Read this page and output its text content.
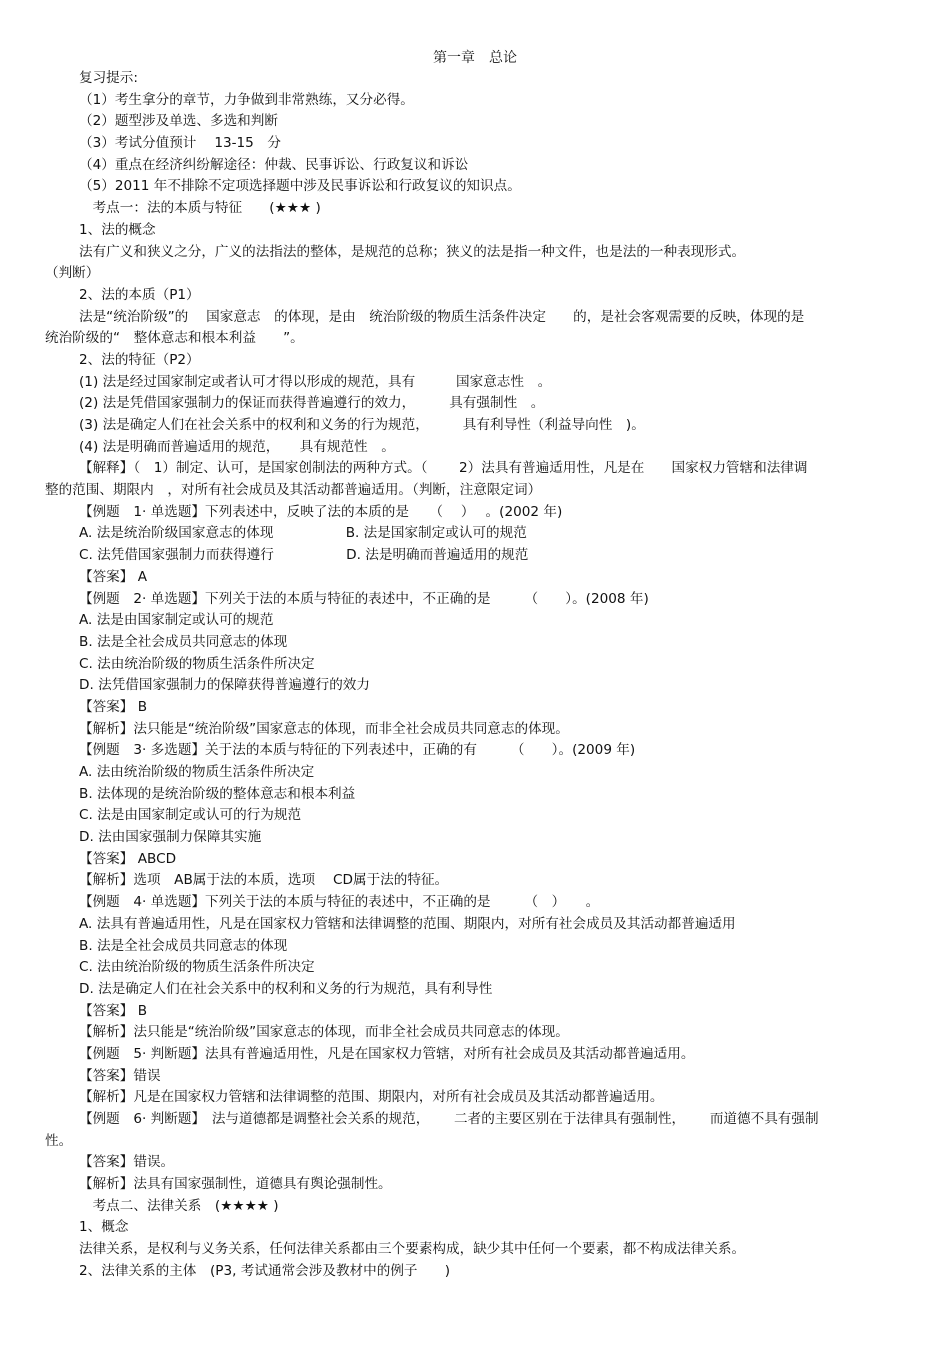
第一章　总论
复习提示:
（1）考生拿分的章节，力争做到非常熟练，又分必得。
（2）题型涉及单选、多选和判断
（3）考试分值预计　 13-15　分
（4）重点在经济纠纷解途径：仲裁、民事诉讼、行政复议和诉讼
（5）2011 年不排除不定项选择题中涉及民事诉讼和行政复议的知识点。
　考点一：法的本质与特征　　(★★★ )
1、法的概念
法有广义和狭义之分，广义的法指法的整体，是规范的总称；狭义的法是指一种文件，也是法的一种表现形式。
（判断）
2、法的本质（P1）
法是“统治阶级”的　 国家意志　的体现，是由　统治阶级的物质生活条件决定　　的，是社会客观需要的反映，体现的是
统治阶级的“　整体意志和根本利益　　”。
2、法的特征（P2）
(1) 法是经过国家制定或者认可才得以形成的规范，具有　　　国家意志性　。
(2) 法是凭借国家强制力的保证而获得普遍遵行的效力，　　　具有强制性　。
(3) 法是确定人们在社会关系中的权利和义务的行为规范，　　　具有利导性（利益导向性　)。
(4) 法是明确而普遍适用的规范，　　具有规范性　。
【解释】（　1）制定、认可，是国家创制法的两种方式。（　　 2）法具有普遍适用性，凡是在　　国家权力管辖和法律调
整的范围、期限内　，对所有社会成员及其活动都普遍适用。（判断，注意限定词）
【例题　1· 单选题】下列表述中，反映了法的本质的是　　（　 ）　 。(2002 年)
A. 法是统治阶级国家意志的体现　　　　　 B. 法是国家制定或认可的规范
C. 法凭借国家强制力而获得遵行　　　　　 D. 法是明确而普遍适用的规范
【答案】 A
【例题　2· 单选题】下列关于法的本质与特征的表述中，不正确的是　　　（　　）。(2008 年)
A. 法是由国家制定或认可的规范
B. 法是全社会成员共同意志的体现
C. 法由统治阶级的物质生活条件所决定
D. 法凭借国家强制力的保障获得普遍遵行的效力
【答案】 B
【解析】法只能是“统治阶级”国家意志的体现，而非全社会成员共同意志的体现。
【例题　3· 多选题】关于法的本质与特征的下列表述中，正确的有　　　（　　）。(2009 年)
A. 法由统治阶级的物质生活条件所决定
B. 法体现的是统治阶级的整体意志和根本利益
C. 法是由国家制定或认可的行为规范
D. 法由国家强制力保障其实施
【答案】 ABCD
【解析】选项　AB属于法的本质，选项　 CD属于法的特征。
【例题　4· 单选题】下列关于法的本质与特征的表述中，不正确的是　　　（　）　　。
A. 法具有普遍适用性，凡是在国家权力管辖和法律调整的范围、期限内，对所有社会成员及其活动都普遍适用
B. 法是全社会成员共同意志的体现
C. 法由统治阶级的物质生活条件所决定
D. 法是确定人们在社会关系中的权利和义务的行为规范，具有利导性
【答案】 B
【解析】法只能是“统治阶级”国家意志的体现，而非全社会成员共同意志的体现。
【例题　5· 判断题】法具有普遍适用性，凡是在国家权力管辖，对所有社会成员及其活动都普遍适用。
【答案】错误
【解析】凡是在国家权力管辖和法律调整的范围、期限内，对所有社会成员及其活动都普遍适用。
【例题　6· 判断题】　法与道德都是调整社会关系的规范，　　 二者的主要区别在于法律具有强制性，　　 而道德不具有强制
性。
【答案】错误。
【解析】法具有国家强制性，道德具有舆论强制性。
　考点二、法律关系　(★★★★ )
1、概念
法律关系，是权利与义务关系，任何法律关系都由三个要素构成，缺少其中任何一个要素，都不构成法律关系。
2、法律关系的主体　(P3, 考试通常会涉及教材中的例子　　)
